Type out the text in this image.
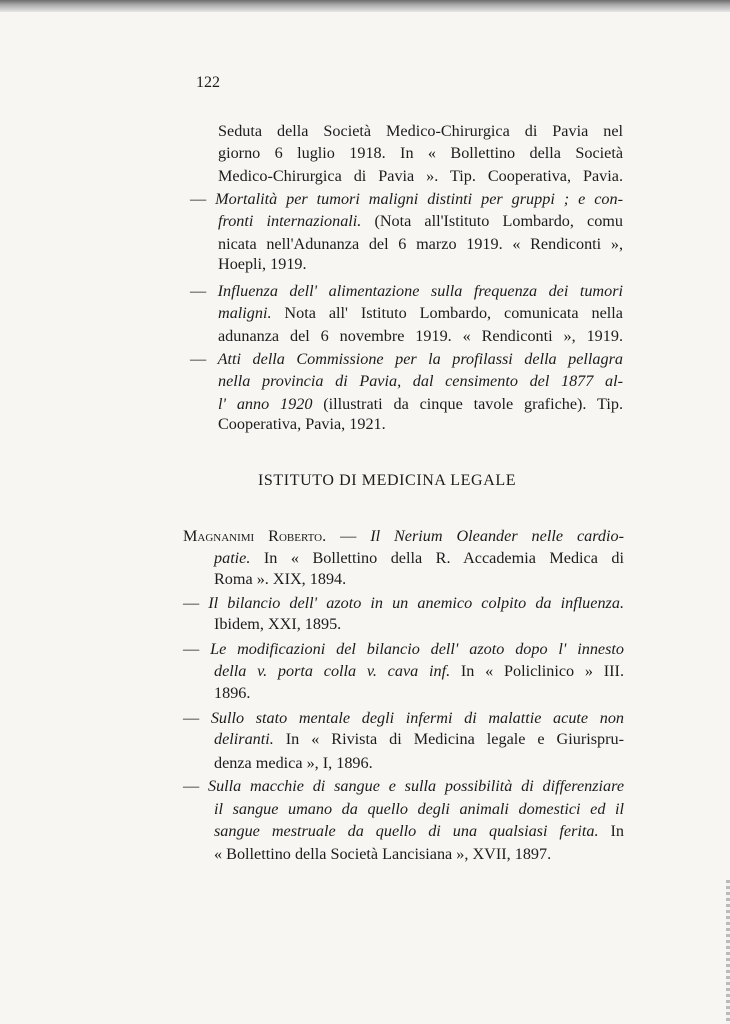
122
Seduta della Società Medico-Chirurgica di Pavia nel
giorno 6 luglio 1918. In « Bollettino della Società
Medico-Chirurgica di Pavia ». Tip. Cooperativa, Pavia.
— Mortalità per tumori maligni distinti per gruppi ; e con-
fronti internazionali. (Nota all'Istituto Lombardo, comu
nicata nell'Adunanza del 6 marzo 1919. « Rendiconti »,
Hoepli, 1919.
— Influenza dell' alimentazione sulla frequenza dei tumori
maligni. Nota all' Istituto Lombardo, comunicata nella
adunanza del 6 novembre 1919. « Rendiconti », 1919.
— Atti della Commissione per la profilassi della pellagra
nella provincia di Pavia, dal censimento del 1877 al-
l' anno 1920 (illustrati da cinque tavole grafiche). Tip.
Cooperativa, Pavia, 1921.
ISTITUTO DI MEDICINA LEGALE
Magnanimi Roberto. — Il Nerium Oleander nelle cardio-
patie. In « Bollettino della R. Accademia Medica di
Roma ». XIX, 1894.
— Il bilancio dell' azoto in un anemico colpito da influenza.
Ibidem, XXI, 1895.
— Le modificazioni del bilancio dell' azoto dopo l' innesto
della v. porta colla v. cava inf. In « Policlinico » III.
1896.
— Sullo stato mentale degli infermi di malattie acute non
deliranti. In « Rivista di Medicina legale e Giurispru-
denza medica », I, 1896.
— Sulla macchie di sangue e sulla possibilità di differenziare
il sangue umano da quello degli animali domestici ed il
sangue mestruale da quello di una qualsiasi ferita. In
« Bollettino della Società Lancisiana », XVII, 1897.
